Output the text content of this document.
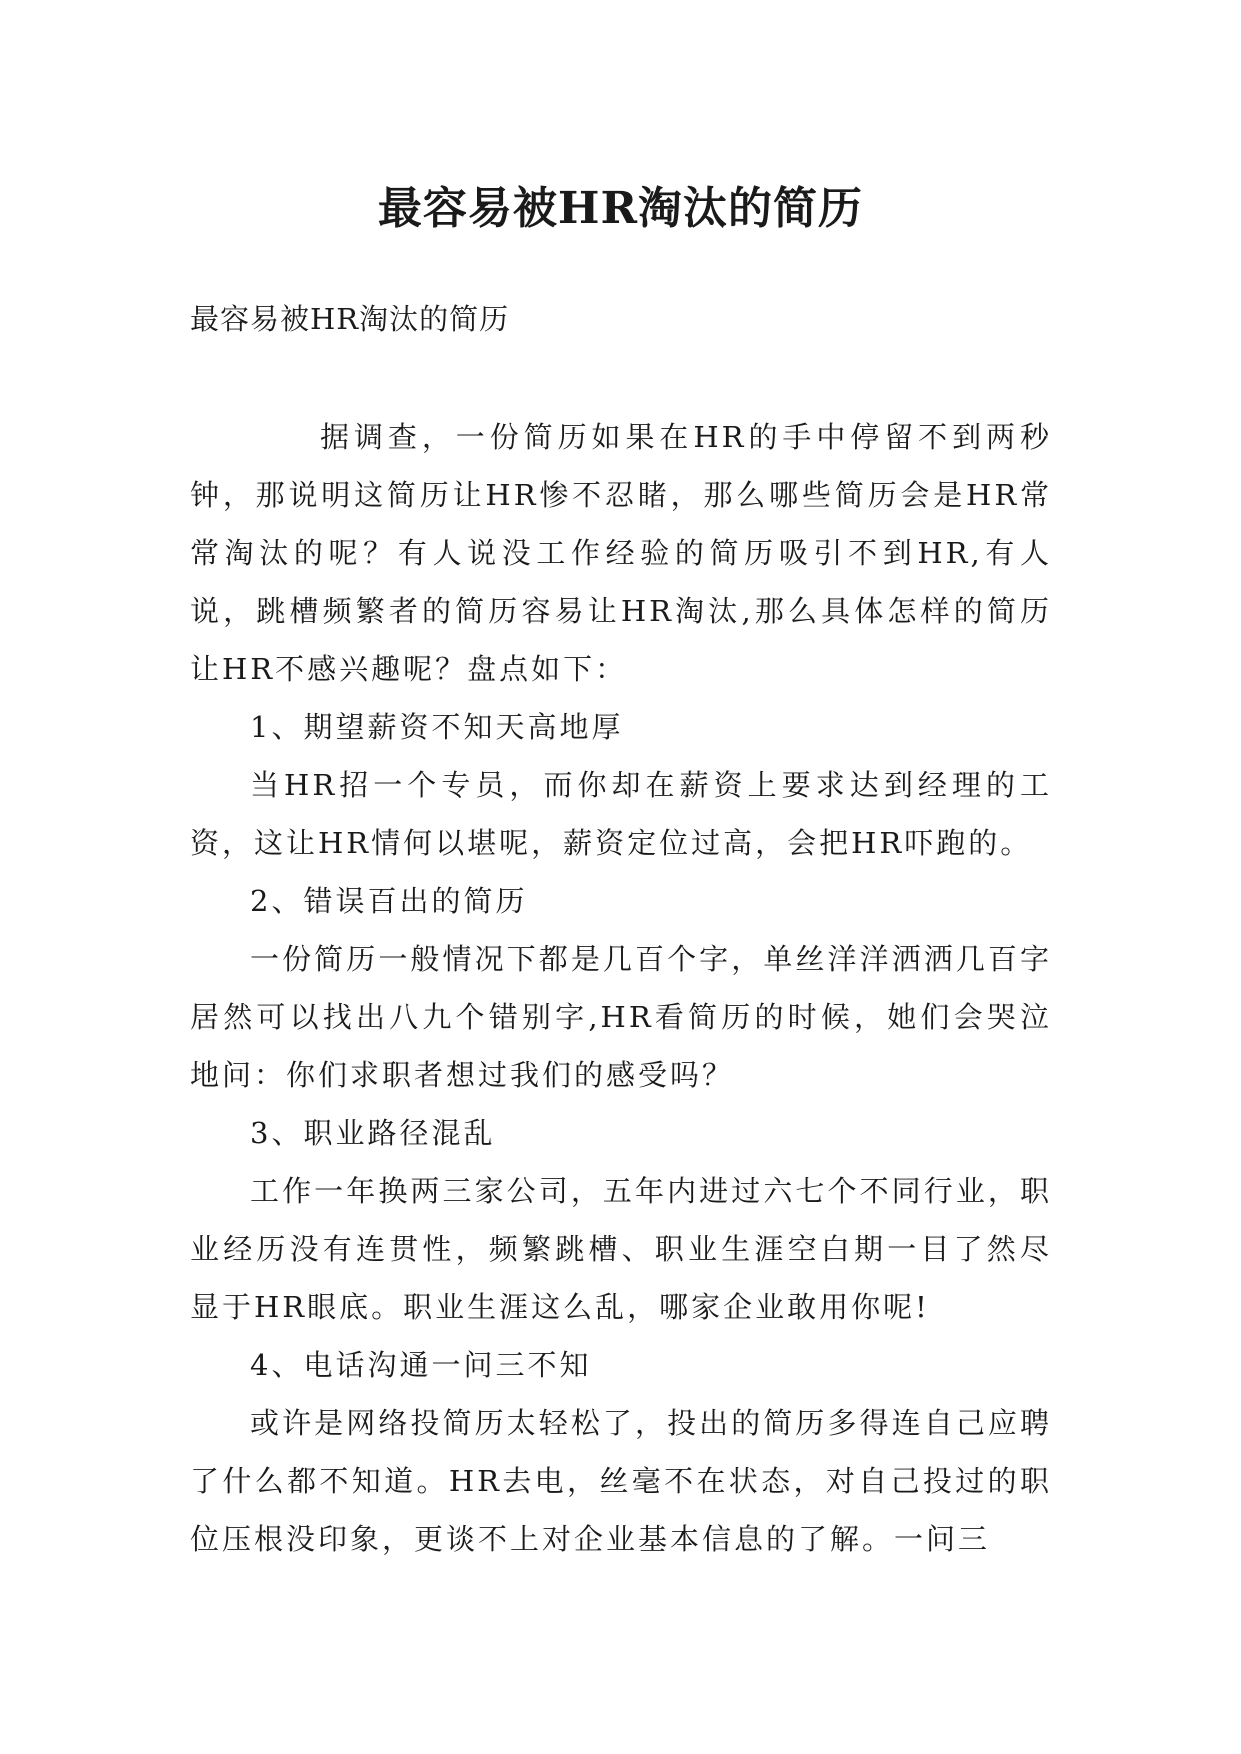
最容易被HR淘汰的简历

最容易被HR淘汰的简历

据调查，一份简历如果在HR的手中停留不到两秒钟，那说明这简历让HR惨不忍睹，那么哪些简历会是HR常常淘汰的呢？有人说没工作经验的简历吸引不到HR,有人说，跳槽频繁者的简历容易让HR淘汰,那么具体怎样的简历让HR不感兴趣呢？盘点如下：

1、期望薪资不知天高地厚

当HR招一个专员，而你却在薪资上要求达到经理的工资，这让HR情何以堪呢，薪资定位过高，会把HR吓跑的。

2、错误百出的简历

一份简历一般情况下都是几百个字，单丝洋洋洒洒几百字居然可以找出八九个错别字,HR看简历的时候，她们会哭泣地问：你们求职者想过我们的感受吗？

3、职业路径混乱

工作一年换两三家公司，五年内进过六七个不同行业，职业经历没有连贯性，频繁跳槽、职业生涯空白期一目了然尽显于HR眼底。职业生涯这么乱，哪家企业敢用你呢!

4、电话沟通一问三不知

或许是网络投简历太轻松了，投出的简历多得连自己应聘了什么都不知道。HR去电，丝毫不在状态，对自己投过的职位压根没印象，更谈不上对企业基本信息的了解。一问三
